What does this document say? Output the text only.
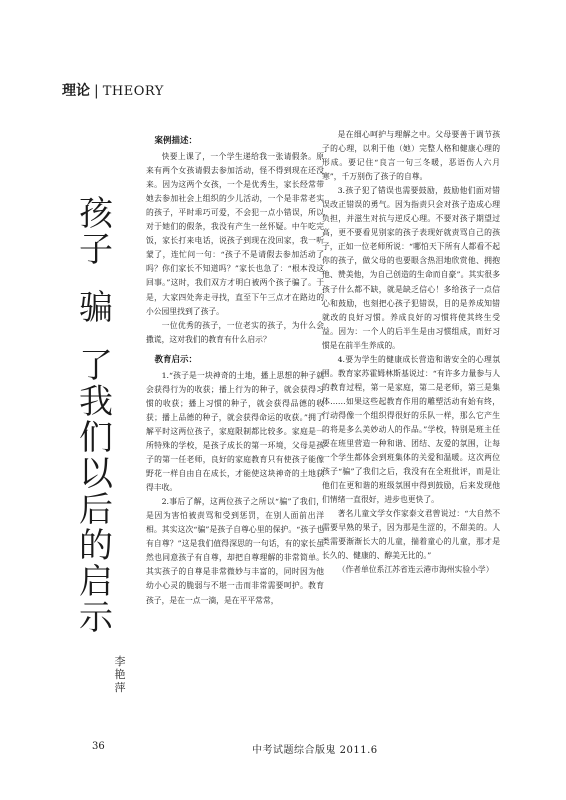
理论 | THEORY
孩
子
骗
了
我
们
以
后
的
启
示
李
艳
萍

案例描述：

快要上课了，一个学生递给我一张请假条。原来有两个女孩请假去参加活动，怪不得到现在还没来。因为这两个女孩，一个是优秀生，家长经常带她去参加社会上组织的少儿活动，一个是非常老实的孩子，平时乖巧可爱，不会犯一点小错误，所以对于她们的假条，我没有产生一丝怀疑。中午吃完饭，家长打来电话，说孩子到现在没回家，我一听蒙了，连忙问一句：“孩子不是请假去参加活动了吗？你们家长不知道吗？”家长也急了：“根本没这回事。”这时，我们双方才明白被两个孩子骗了。于是，大家四处奔走寻找，直至下午三点才在路边的小公园里找到了孩子。

一位优秀的孩子，一位老实的孩子，为什么会撒谎，这对我们的教育有什么启示？

教育启示：

1.“孩子是一块神奇的土地，播上思想的种子就会获得行为的收获；播上行为的种子，就会获得习惯的收获；播上习惯的种子，就会获得品德的收获；播上品德的种子，就会获得命运的收获。”拥了解平时这两位孩子，家庭限制都比较多。家庭是一所特殊的学校，是孩子成长的第一环境，父母是孩子的第一任老师，良好的家庭教育只有使孩子能像野花一样自由自在成长，才能使这块神奇的土地获得丰收。

2.事后了解，这两位孩子之所以“骗”了我们，是因为害怕被责骂和受到惩罚，在别人面前出洋相。其实这次“骗”是孩子自尊心里的保护。“孩子也有自尊？”这是我们值得深思的一句话，有的家长虽然也同意孩子有自尊，却把自尊理解的非常简单。其实孩子的自尊是非常微妙与丰富的，同时因为他幼小心灵的脆弱与不堪一击而非常需要呵护。教育孩子，是在一点一滴，是在平平常常，

是在细心呵护与理解之中。父母要善于调节孩子的心理，以利于他（她）完整人格和健康心理的形成。要记住“良言一句三冬暖，恶语伤人六月寒”，千万别伤了孩子的自尊。

3.孩子犯了错误也需要鼓励，鼓励他们面对错误改正错误的勇气。因为指责只会对孩子造成心理负担，并滋生对抗与逆反心理。不要对孩子期望过高，更不要看见别家的孩子表现好就责骂自己的孩子，正如一位老师所说：“哪怕天下所有人都看不起你的孩子，做父母的也要眼含热泪地欣赏他、拥抱他、赞美他，为自己创造的生命而自豪”。其实很多孩子什么都不缺，就是缺乏信心！多给孩子一点信心和鼓励，也刻把心孩子犯错误，目的是养成知错就改的良好习惯。养成良好的习惯将使其终生受益。因为：一个人的后半生是由习惯组成，而好习惯是在前半生养成的。

4.要为学生的健康成长营造和谐安全的心理氛围。教育家苏霍姆林斯基说过：“有许多力量参与人的教育过程，第一是家庭，第二是老师，第三是集体……如果这些起教育作用的雕塑活动有始有终，行动得像一个组织得很好的乐队一样，那么它产生的将是多么美妙动人的作品。”学校，特别是班主任要在班里营造一种和谐、团结、友爱的氛围，让每一个学生都体会到班集体的关爱和温暖。这次两位孩子“骗”了我们之后，我没有在全班批评，而是让他们在更和谐的班级氛围中得到鼓励，后来发现他们情绪一直很好，进步也更快了。

著名儿童文学女作家泰文君曾说过：“大自然不需要早熟的果子，因为那是生涩的，不甜美的。人类需要渐渐长大的儿童，揣着童心的儿童，那才是长久的、健康的、醇美无比的。”

（作者单位系江苏省连云港市海州实验小学）

36	中考试题综合版鬼 2011.6
